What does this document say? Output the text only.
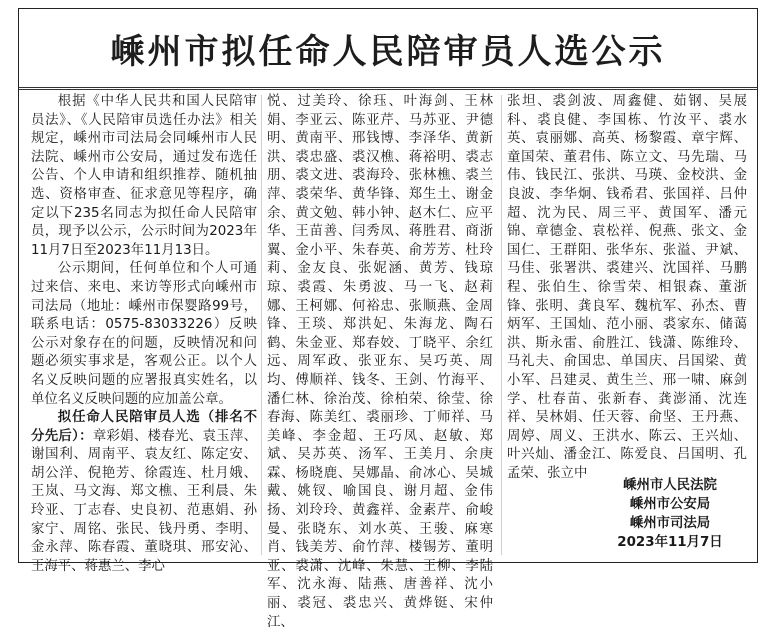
嵊州市拟任命人民陪审员人选公示

根据《中华人民共和国人民陪审员法》、《人民陪审员选任办法》相关规定，嵊州市司法局会同嵊州市人民法院、嵊州市公安局，通过发布选任公告、个人申请和组织推荐、随机抽选、资格审查、征求意见等程序，确定以下235名同志为拟任命人民陪审员，现予以公示，公示时间为2023年11月7日至2023年11月13日。

公示期间，任何单位和个人可通过来信、来电、来访等形式向嵊州市司法局（地址：嵊州市保婴路99号，联系电话：0575-83033226）反映公示对象存在的问题，反映情况和问题必须实事求是，客观公正。以个人名义反映问题的应署报真实姓名，以单位名义反映问题的应加盖公章。

拟任命人民陪审员人选（排名不分先后）：章彩娟、楼春光、袁玉萍、谢国利、周南平、袁友红、陈定安、胡公洋、倪艳芳、徐霞连、杜月娥、王岚、马文海、郑文樵、王利晨、朱玲亚、丁志春、史良初、范惠娟、孙家宁、周铭、张民、钱丹勇、李明、金永萍、陈春霞、董晓琪、邢安沁、王海平、蒋惠兰、李心

悦、过美玲、徐珏、叶海剑、王林娟、李亚云、陈亚芹、马苏亚、尹德明、黄南平、邢钱博、李泽华、黄新洪、裘忠盛、裘汉樵、蒋裕明、裘志朋、裘文进、裘海玲、张林樵、裘兰萍、裘荣华、黄华锋、郑生土、谢金余、黄文勉、韩小钟、赵木仁、应平华、王苗善、闫秀凤、蒋胜君、商浙翼、金小平、朱春英、俞芳芳、杜玲莉、金友良、张妮涵、黄芳、钱琼琼、裘霞、朱勇波、马一飞、赵莉娜、王柯娜、何裕忠、张顺燕、金周锋、王琰、郑洪妃、朱海龙、陶石鹤、朱金亚、郑春姣、丁晓平、余红远、周军政、张亚东、吴巧英、周均、傅顺祥、钱冬、王剑、竹海平、潘仁林、徐治茂、徐柏荣、徐莹、徐春海、陈美红、裘丽珍、丁师祥、马美峰、李金超、王巧凤、赵敏、郑斌、吴苏英、汤军、王美月、余庚霖、杨晓鹿、吴娜晶、俞冰心、吴城戴、姚钗、喻国良、谢月超、金伟扬、刘玲玲、黄鑫祥、金素芹、俞峻曼、张晓东、刘水英、王骏、麻寒肖、钱美芳、俞竹萍、楼锡芳、董明亚、裘潇、沈峰、朱慧、王柳、李陆军、沈永海、陆燕、唐善祥、沈小丽、裘冠、裘忠兴、黄烨铤、宋仲江、

张坦、裘剑波、周鑫健、茹钢、吴展科、裘良健、李国栋、竹汝平、裘水英、袁丽娜、高英、杨黎霞、章宇辉、童国荣、董君伟、陈立文、马先瑞、马伟、钱民江、张洪、马瑛、金校洪、金良波、李华炯、钱希君、张国祥、吕仲超、沈为民、周三平、黄国军、潘元锦、章德金、袁松祥、倪燕、张文、金国仁、王群阳、张华东、张溢、尹斌、马佳、张署洪、裘建兴、沈国祥、马鹏程、张伯生、徐雪荣、相银森、董浙锋、张明、龚良军、魏杭军、孙杰、曹炳军、王国灿、范小丽、裘家东、储蔼洪、斯永雷、俞胜江、钱潇、陈维玲、马礼夫、俞国忠、单国庆、吕国梁、黄小军、吕建灵、黄生兰、邢一啸、麻剑学、杜春苗、张新春、龚澎涌、沈连祥、吴林娟、任天蓉、俞坚、王丹燕、周婷、周义、王洪水、陈云、王兴灿、叶兴灿、潘金江、陈爱良、吕国明、孔孟荣、张立中

嵊州市人民法院
嵊州市公安局
嵊州市司法局
2023年11月7日
